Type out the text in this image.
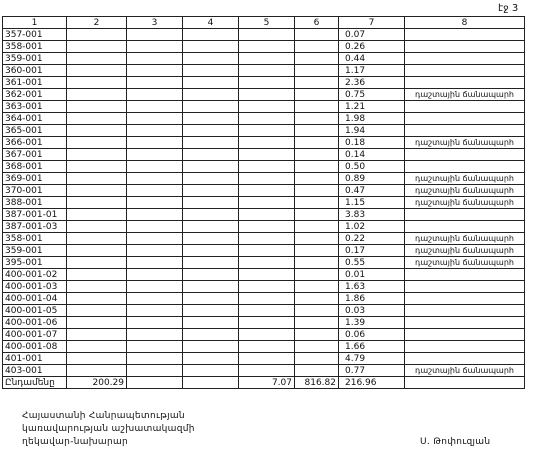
էջ 3
1	2	3	4	5	6	7	8
357-001						0.07	
358-001						0.26	
359-001						0.44	
360-001						1.17	
361-001						2.36	
362-001						0.75	դաշտային ճանապարհ
363-001						1.21	
364-001						1.98	
365-001						1.94	
366-001						0.18	դաշտային ճանապարհ
367-001						0.14	
368-001						0.50	
369-001						0.89	դաշտային ճանապարհ
370-001						0.47	դաշտային ճանապարհ
388-001						1.15	դաշտային ճանապարհ
387-001-01						3.83	
387-001-03						1.02	
358-001						0.22	դաշտային ճանապարհ
359-001						0.17	դաշտային ճանապարհ
395-001						0.55	դաշտային ճանապարհ
400-001-02						0.01	
400-001-03						1.63	
400-001-04						1.86	
400-001-05						0.03	
400-001-06						1.39	
400-001-07						0.06	
400-001-08						1.66	
401-001						4.79	
403-001						0.77	դաշտային ճանապարհ
Ընդամենը	200.29			7.07	816.82	216.96	
Հայաստանի Հանրապետության
կառավարության աշխատակազմի
ղեկավար-նախարար	Ս. Թոփուզյան
